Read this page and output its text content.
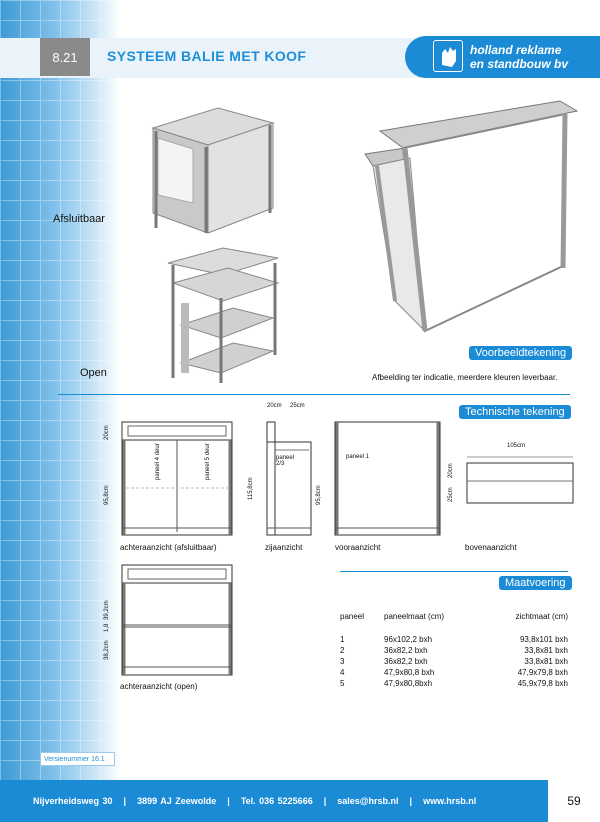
8.21	SYSTEEM BALIE MET KOOF	holland reklame
en standbouw bv
Afsluitbaar
Open
Voorbeeldtekening
Afbeelding ter indicatie, meerdere kleuren leverbaar.
Technische tekening
20cm
95,8cm
paneel 4 deur	paneel 5 deur
achteraanzicht (afsluitbaar)
20cm 25cm
115,8cm
paneel 2/3
zijaanzicht
95,8cm
paneel 1
vooraanzicht
105cm
20cm
25cm
bovenaanzicht
39,2cm
1,8
38,2cm
achteraanzicht (open)
Maatvoering
paneel	paneelmaat (cm)	zichtmaat (cm)

1	96x102,2 bxh	93,8x101 bxh
2	36x82,2 bxh	33,8x81 bxh
3	36x82,2 bxh	33,8x81 bxh
4	47,9x80,8 bxh	47,9x79,8 bxh
5	47,9x80,8bxh	45,9x79,8 bxh
Versienummer 16.1
Nijverheidsweg 30 | 3899 AJ Zeewolde | Tel. 036 5225666 | sales@hrsb.nl | www.hrsb.nl	59
